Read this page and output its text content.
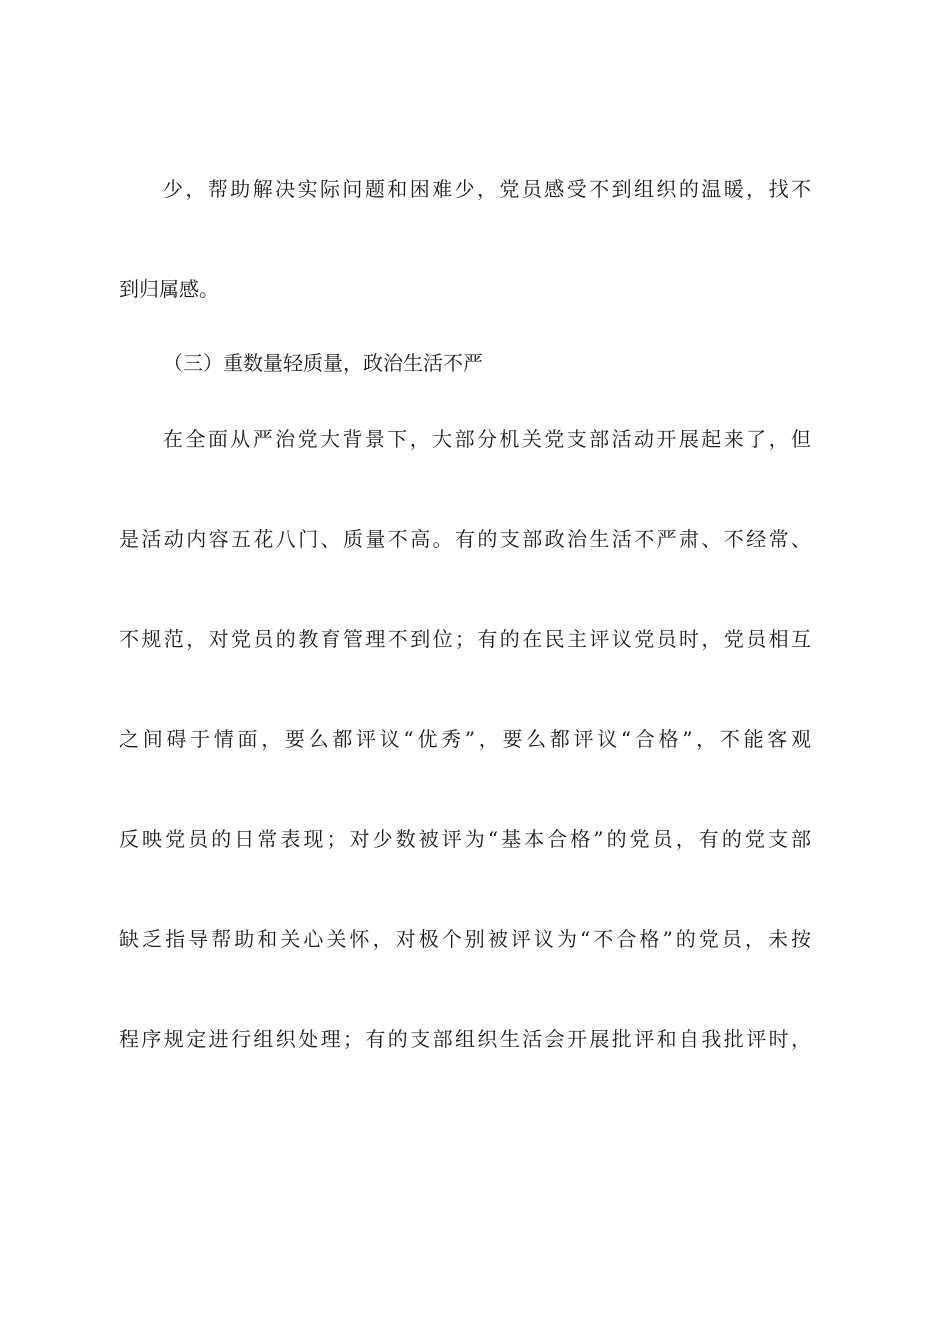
少，帮助解决实际问题和困难少，党员感受不到组织的温暖，找不
到归属感。
（三）重数量轻质量，政治生活不严
在全面从严治党大背景下，大部分机关党支部活动开展起来了，但
是活动内容五花八门、质量不高。有的支部政治生活不严肃、不经常、
不规范，对党员的教育管理不到位；有的在民主评议党员时，党员相互
之间碍于情面，要么都评议“优秀”，要么都评议“合格”，不能客观
反映党员的日常表现；对少数被评为“基本合格”的党员，有的党支部
缺乏指导帮助和关心关怀，对极个别被评议为“不合格”的党员，未按
程序规定进行组织处理；有的支部组织生活会开展批评和自我批评时，
